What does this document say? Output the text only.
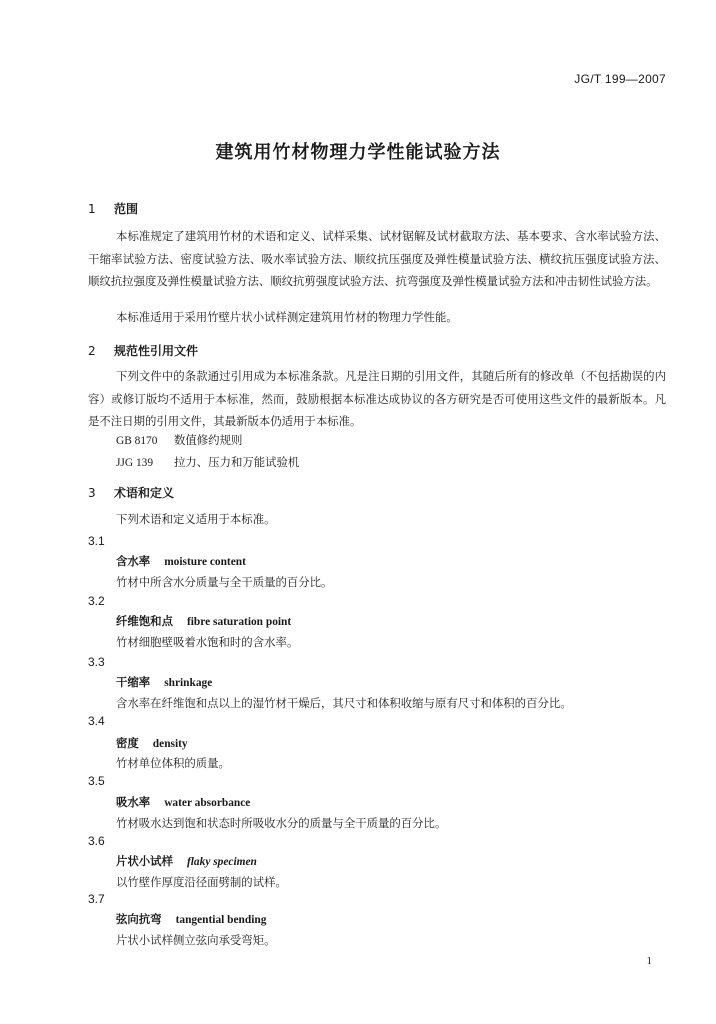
JG/T 199—2007
建筑用竹材物理力学性能试验方法
1 范围
本标准规定了建筑用竹材的术语和定义、试样采集、试材锯解及试材截取方法、基本要求、含水率试验方法、干缩率试验方法、密度试验方法、吸水率试验方法、顺纹抗压强度及弹性模量试验方法、横纹抗压强度试验方法、顺纹抗拉强度及弹性模量试验方法、顺纹抗剪强度试验方法、抗弯强度及弹性模量试验方法和冲击韧性试验方法。
本标准适用于采用竹壁片状小试样测定建筑用竹材的物理力学性能。
2 规范性引用文件
下列文件中的条款通过引用成为本标准条款。凡是注日期的引用文件，其随后所有的修改单（不包括勘误的内容）或修订版均不适用于本标准，然而，鼓励根据本标准达成协议的各方研究是否可使用这些文件的最新版本。凡是不注日期的引用文件，其最新版本仍适用于本标准。
GB 8170 数值修约规则
JJG 139 拉力、压力和万能试验机
3 术语和定义
下列术语和定义适用于本标准。
3.1
含水率 moisture content
竹材中所含水分质量与全干质量的百分比。
3.2
纤维饱和点 fibre saturation point
竹材细胞壁吸着水饱和时的含水率。
3.3
干缩率 shrinkage
含水率在纤维饱和点以上的湿竹材干燥后，其尺寸和体积收缩与原有尺寸和体积的百分比。
3.4
密度 density
竹材单位体积的质量。
3.5
吸水率 water absorbance
竹材吸水达到饱和状态时所吸收水分的质量与全干质量的百分比。
3.6
片状小试样 flaky specimen
以竹壁作厚度沿径面劈制的试样。
3.7
弦向抗弯 tangential bending
片状小试样侧立弦向承受弯矩。
1
